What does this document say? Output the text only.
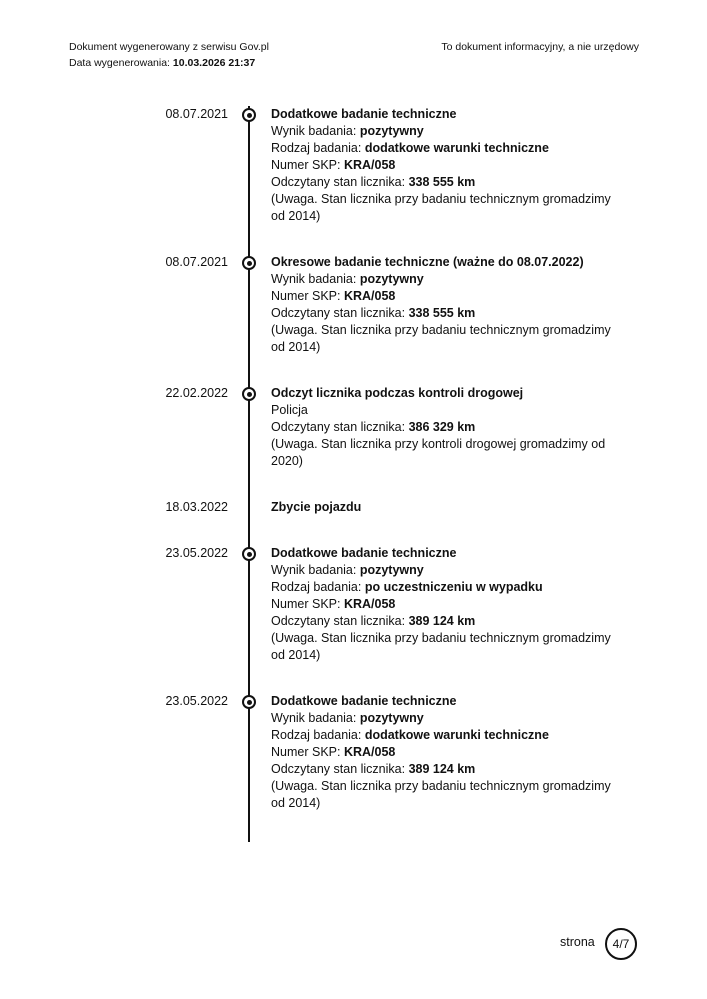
Dokument wygenerowany z serwisu Gov.pl
Data wygenerowania: 10.03.2026 21:37
To dokument informacyjny, a nie urzędowy
08.07.2021	Dodatkowe badanie techniczne
Wynik badania: pozytywny
Rodzaj badania: dodatkowe warunki techniczne
Numer SKP: KRA/058
Odczytany stan licznika: 338 555 km
(Uwaga. Stan licznika przy badaniu technicznym gromadzimy od 2014)
08.07.2021	Okresowe badanie techniczne (ważne do 08.07.2022)
Wynik badania: pozytywny
Numer SKP: KRA/058
Odczytany stan licznika: 338 555 km
(Uwaga. Stan licznika przy badaniu technicznym gromadzimy od 2014)
22.02.2022	Odczyt licznika podczas kontroli drogowej
Policja
Odczytany stan licznika: 386 329 km
(Uwaga. Stan licznika przy kontroli drogowej gromadzimy od 2020)
18.03.2022	Zbycie pojazdu
23.05.2022	Dodatkowe badanie techniczne
Wynik badania: pozytywny
Rodzaj badania: po uczestniczeniu w wypadku
Numer SKP: KRA/058
Odczytany stan licznika: 389 124 km
(Uwaga. Stan licznika przy badaniu technicznym gromadzimy od 2014)
23.05.2022	Dodatkowe badanie techniczne
Wynik badania: pozytywny
Rodzaj badania: dodatkowe warunki techniczne
Numer SKP: KRA/058
Odczytany stan licznika: 389 124 km
(Uwaga. Stan licznika przy badaniu technicznym gromadzimy od 2014)
strona	4/7
